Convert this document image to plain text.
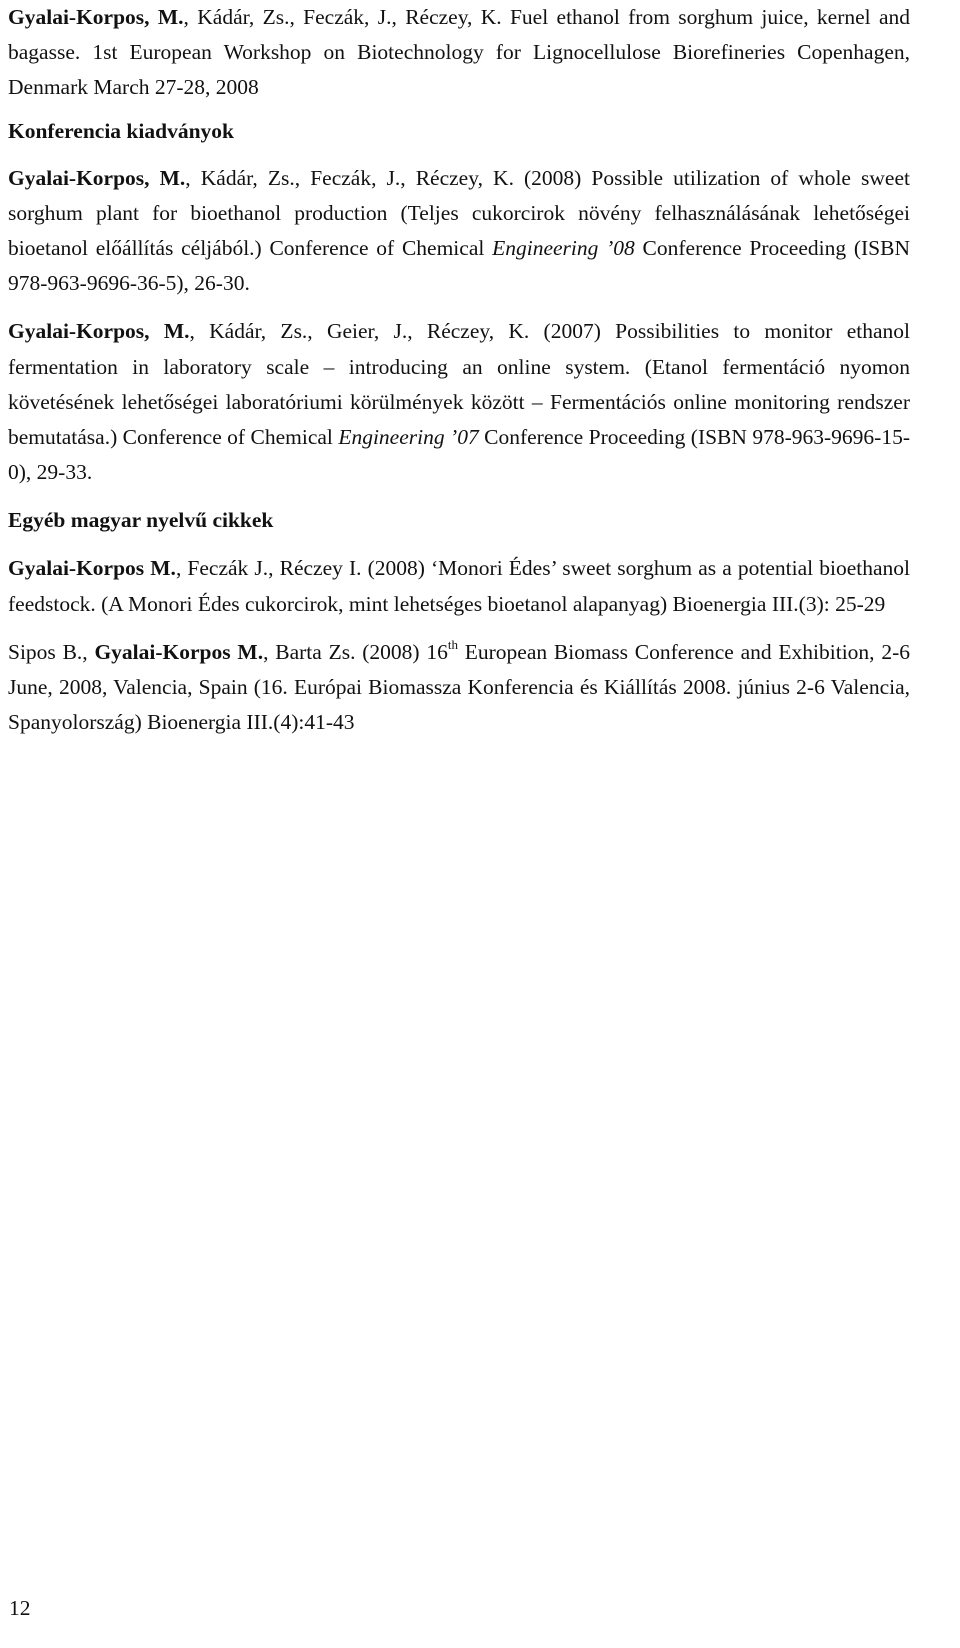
Gyalai-Korpos, M., Kádár, Zs., Feczák, J., Réczey, K. Fuel ethanol from sorghum juice, kernel and bagasse. 1st European Workshop on Biotechnology for Lignocellulose Biorefineries Copenhagen, Denmark March 27-28, 2008

Konferencia kiadványok

Gyalai-Korpos, M., Kádár, Zs., Feczák, J., Réczey, K. (2008) Possible utilization of whole sweet sorghum plant for bioethanol production (Teljes cukorcirok növény felhasználásának lehetőségei bioetanol előállítás céljából.) Conference of Chemical Engineering ’08 Conference Proceeding (ISBN 978-963-9696-36-5), 26-30.

Gyalai-Korpos, M., Kádár, Zs., Geier, J., Réczey, K. (2007) Possibilities to monitor ethanol fermentation in laboratory scale – introducing an online system. (Etanol fermentáció nyomon követésének lehetőségei laboratóriumi körülmények között – Fermentációs online monitoring rendszer bemutatása.) Conference of Chemical Engineering ’07 Conference Proceeding (ISBN 978-963-9696-15-0), 29-33.

Egyéb magyar nyelvű cikkek

Gyalai-Korpos M., Feczák J., Réczey I. (2008) ‘Monori Édes’ sweet sorghum as a potential bioethanol feedstock. (A Monori Édes cukorcirok, mint lehetséges bioetanol alapanyag) Bioenergia III.(3): 25-29

Sipos B., Gyalai-Korpos M., Barta Zs. (2008) 16th European Biomass Conference and Exhibition, 2-6 June, 2008, Valencia, Spain (16. Európai Biomassza Konferencia és Kiállítás 2008. június 2-6 Valencia, Spanyolország) Bioenergia III.(4):41-43

12
